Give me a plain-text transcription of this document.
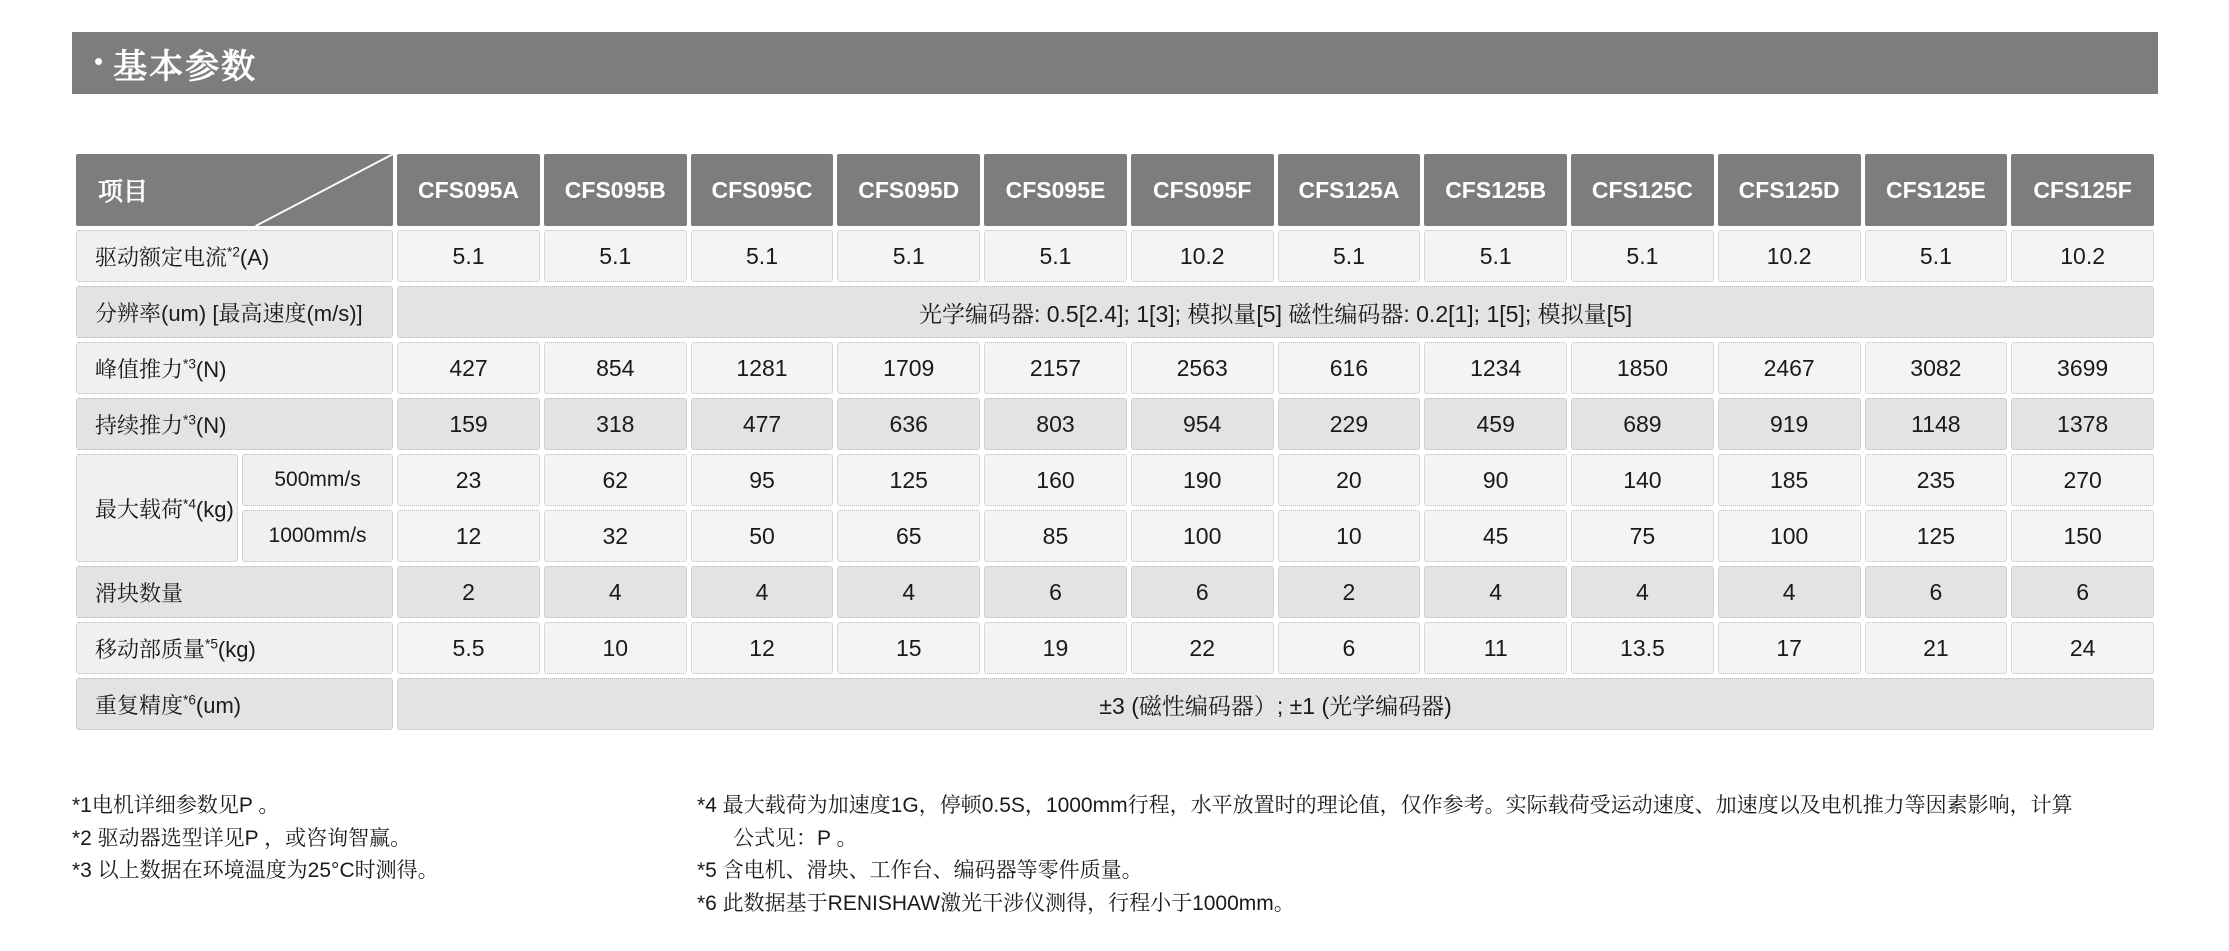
• 基本参数
项目		CFS095A	CFS095B	CFS095C	CFS095D	CFS095E	CFS095F	CFS125A	CFS125B	CFS125C	CFS125D	CFS125E	CFS125F
驱动额定电流$^{*2}$(A)		5.1	5.1	5.1	5.1	5.1	10.2	5.1	5.1	5.1	10.2	5.1	10.2
分辨率(um) [最高速度(m/s)]		光学编码器: 0.5[2.4]; 1[3]; 模拟量[5] 磁性编码器: 0.2[1]; 1[5]; 模拟量[5]											
峰值推力$^{*3}$(N)		427	854	1281	1709	2157	2563	616	1234	1850	2467	3082	3699
持续推力$^{*3}$(N)		159	318	477	636	803	954	229	459	689	919	1148	1378
最大载荷$^{*4}$(kg)	500mm/s	23	62	95	125	160	190	20	90	140	185	235	270
	1000mm/s	12	32	50	65	85	100	10	45	75	100	125	150
滑块数量		2	4	4	4	6	6	2	4	4	4	6	6
移动部质量$^{*5}$(kg)		5.5	10	12	15	19	22	6	11	13.5	17	21	24
重复精度$^{*6}$(um)		±3 (磁性编码器）; ±1 (光学编码器)											
*1电机详细参数见P 。
*2 驱动器选型详见P ，或咨询智赢。
*3 以上数据在环境温度为25°C时测得。
*4 最大载荷为加速度1G，停顿0.5S，1000mm行程，水平放置时的理论值，仅作参考。实际载荷受运动速度、加速度以及电机推力等因素影响，计算
公式见：P 。
*5 含电机、滑块、工作台、编码器等零件质量。
*6 此数据基于RENISHAW激光干涉仪测得，行程小于1000mm。
